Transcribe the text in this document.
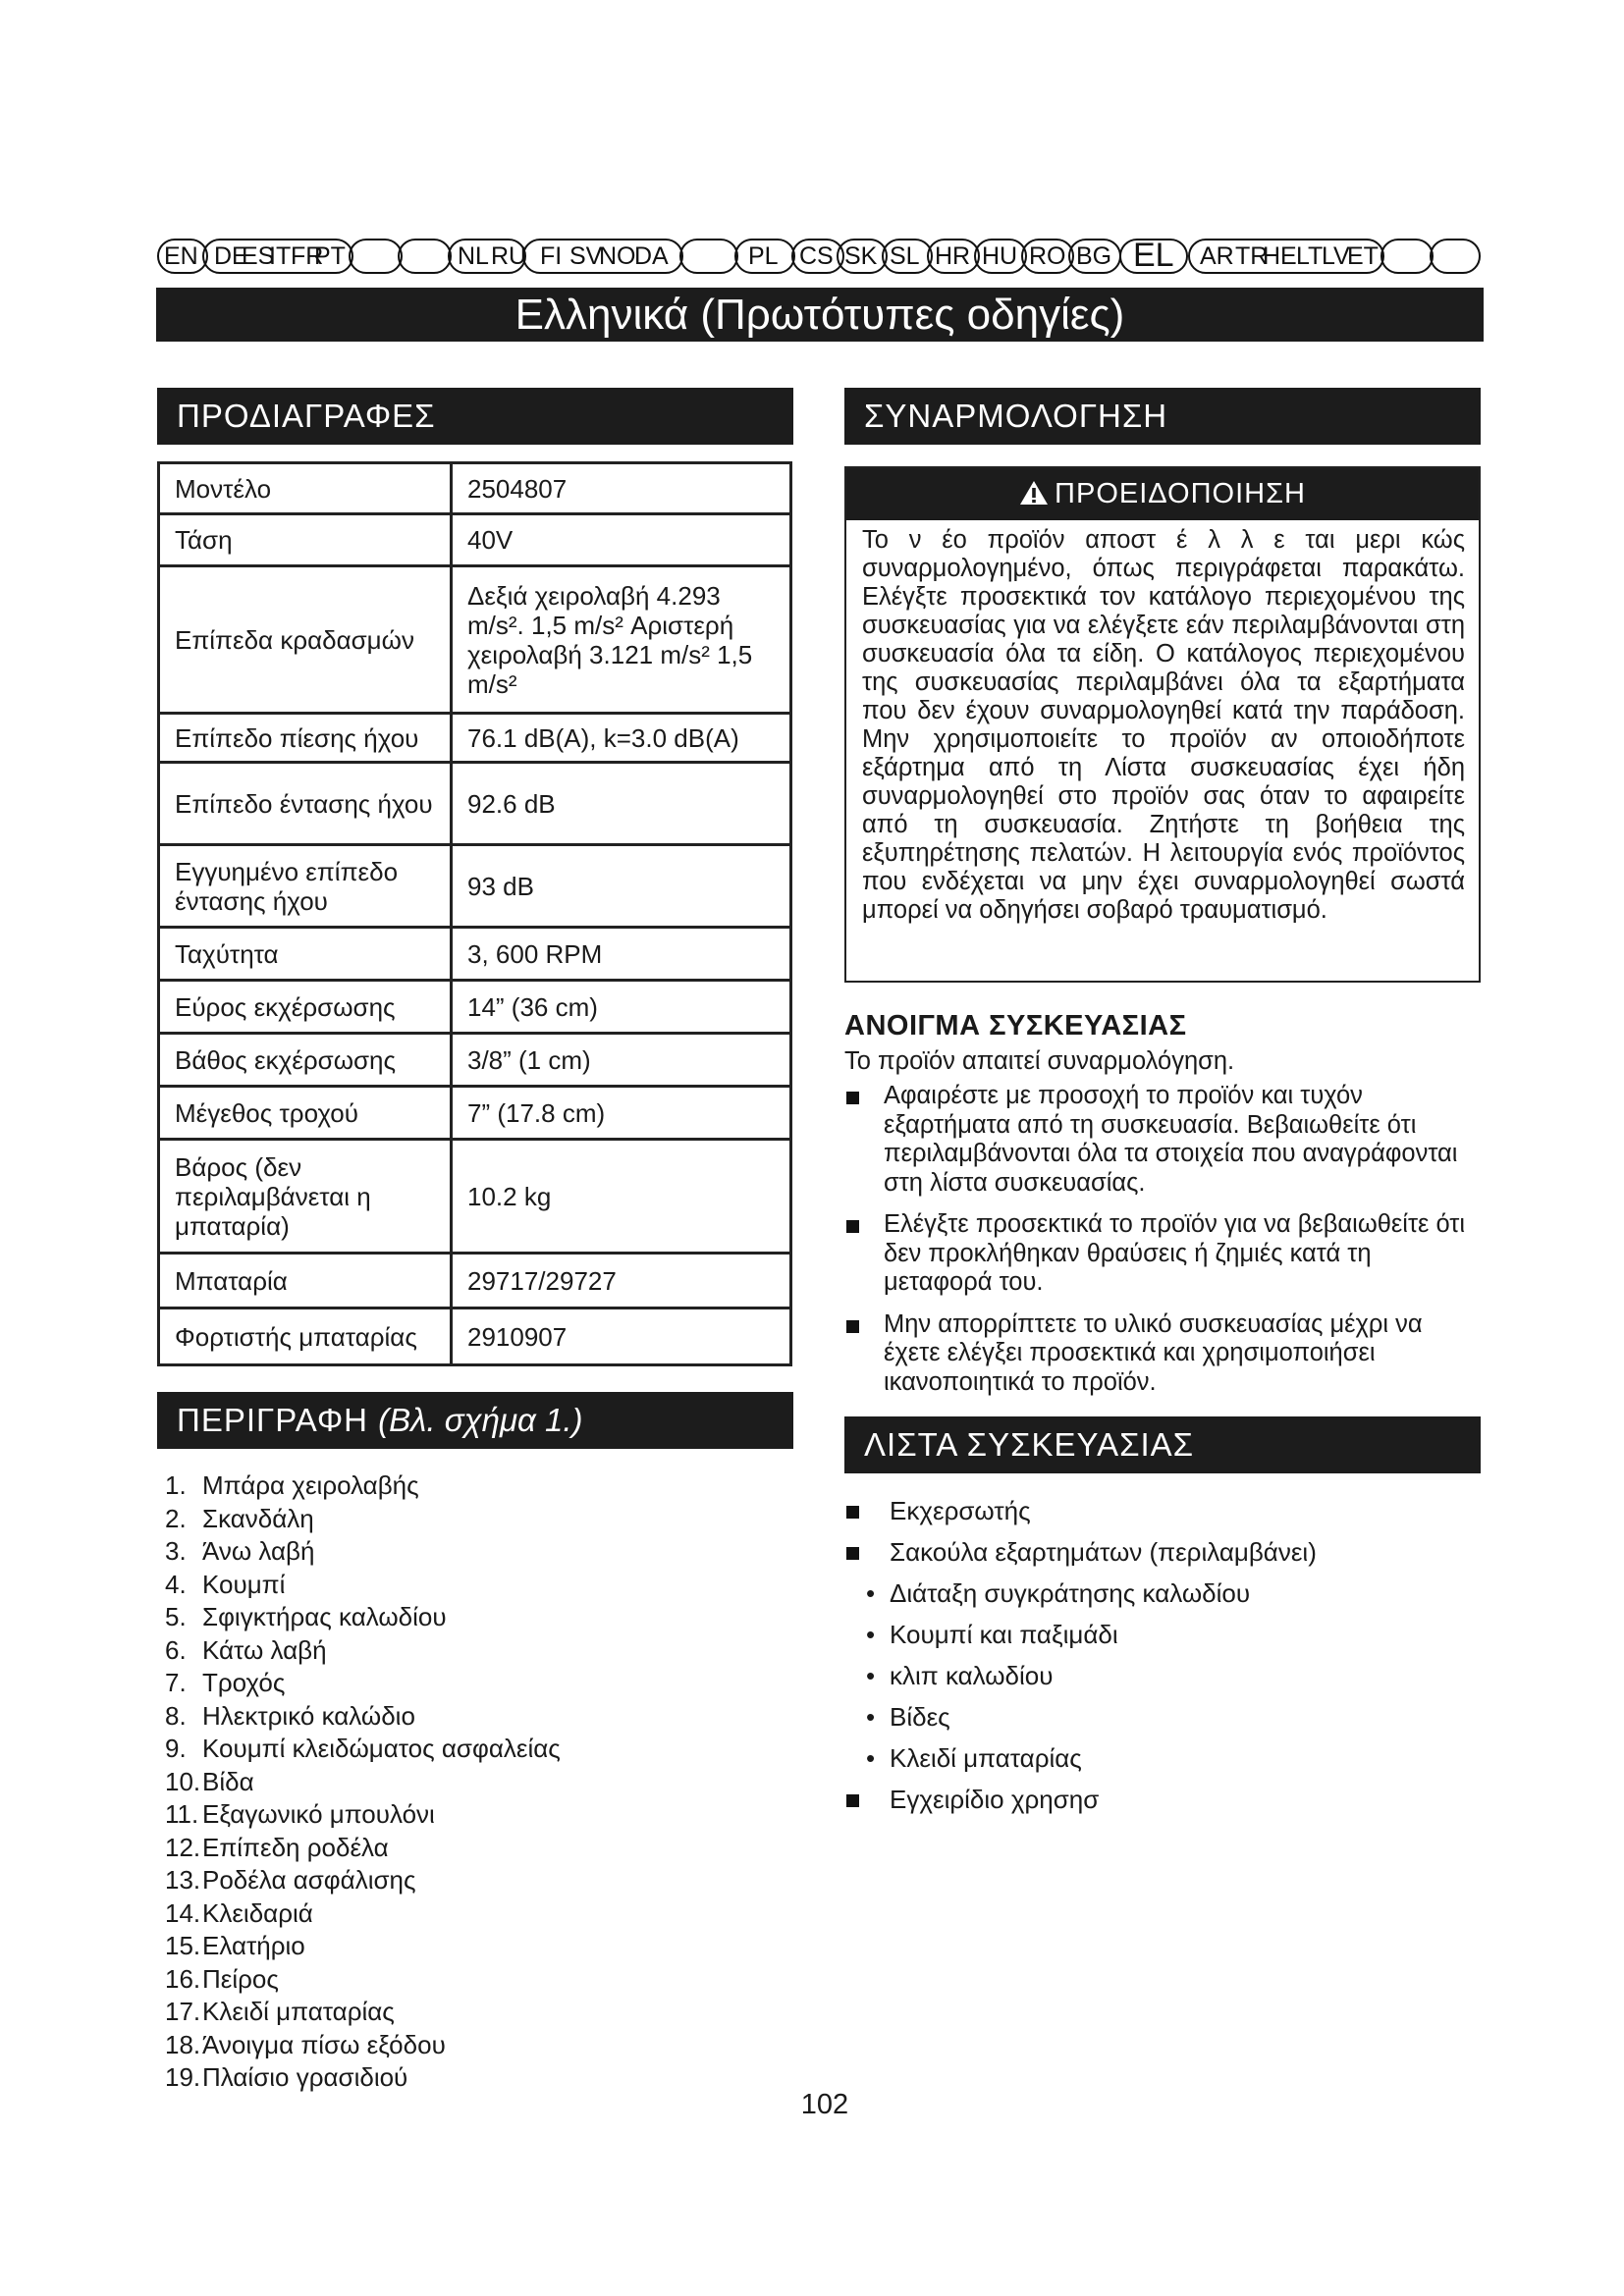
EN DE
ES
IT FR
PT	NL RU FI SV
NO
DA	PL CS SK SL HR HU RO BG EL AR TR
HE LT
LV
ET
Ελληνικά (Πρωτότυπες οδηγίες)
ΠΡΟΔΙΑΓΡΑΦΕΣ
Μοντέλο	2504807
Τάση	40V
Επίπεδα κραδασμών	Δεξιά χειρολαβή 4.293 m/s². 1,5 m/s² Αριστερή χειρολαβή 3.121 m/s² 1,5 m/s²
Επίπεδο πίεσης ήχου	76.1 dB(A), k=3.0 dB(A)
Επίπεδο έντασης ήχου	92.6 dB
Εγγυημένο επίπεδο έντασης ήχου	93 dB
Ταχύτητα	3, 600 RPM
Εύρος εκχέρσωσης	14” (36 cm)
Βάθος εκχέρσωσης	3/8” (1 cm)
Μέγεθος τροχού	7” (17.8 cm)
Βάρος (δεν περιλαμβάνεται η μπαταρία)	10.2 kg
Μπαταρία	29717/29727
Φορτιστής μπαταρίας	2910907
ΠΕΡΙΓΡΑΦΗ (Βλ. σχήμα 1.)
1. Μπάρα χειρολαβής
2. Σκανδάλη
3. Άνω λαβή
4. Κουμπί
5. Σφιγκτήρας καλωδίου
6. Κάτω λαβή
7. Τροχός
8. Ηλεκτρικό καλώδιο
9. Κουμπί κλειδώματος ασφαλείας
10.Βίδα
11. Εξαγωνικό μπουλόνι
12.Επίπεδη ροδέλα
13.Ροδέλα ασφάλισης
14.Κλειδαριά
15.Ελατήριο
16.Πείρος
17.Κλειδί μπαταρίας
18.Άνοιγμα πίσω εξόδου
19.Πλαίσιο γρασιδιού
ΣΥΝΑΡΜΟΛΟΓΗΣΗ
ΠΡΟΕΙΔΟΠΟΙΗΣΗ
Το ν έο προϊόν αποστ έ λ λ ε ται μερι κώς συναρμολογημένο, όπως περιγράφεται παρακάτω. Ελέγξτε προσεκτικά τον κατάλογο περιεχομένου της συσκευασίας για να ελέγξετε εάν περιλαμβάνονται στη συσκευασία όλα τα είδη. Ο κατάλογος περιεχομένου της συσκευασίας περιλαμβάνει όλα τα εξαρτήματα που δεν έχουν συναρμολογηθεί κατά την παράδοση. Μην χρησιμοποιείτε το προϊόν αν οποιοδήποτε εξάρτημα από τη Λίστα συσκευασίας έχει ήδη συναρμολογηθεί στο προϊόν σας όταν το αφαιρείτε από τη συσκευασία. Ζητήστε τη βοήθεια της εξυπηρέτησης πελατών. Η λειτουργία ενός προϊόντος που ενδέχεται να μην έχει συναρμολογηθεί σωστά μπορεί να οδηγήσει σοβαρό τραυματισμό.
ΑΝΟΙΓΜΑ ΣΥΣΚΕΥΑΣΙΑΣ
Το προϊόν απαιτεί συναρμολόγηση.
Αφαιρέστε με προσοχή το προϊόν και τυχόν εξαρτήματα από τη συσκευασία. Βεβαιωθείτε ότι περιλαμβάνονται όλα τα στοιχεία που αναγράφονται στη λίστα συσκευασίας.
Ελέγξτε προσεκτικά το προϊόν για να βεβαιωθείτε ότι δεν προκλήθηκαν θραύσεις ή ζημιές κατά τη μεταφορά του.
Μην απορρίπτετε το υλικό συσκευασίας μέχρι να έχετε ελέγξει προσεκτικά και χρησιμοποιήσει ικανοποιητικά το προϊόν.
ΛΙΣΤΑ ΣΥΣΚΕΥΑΣΙΑΣ
Εκχερσωτής
Σακούλα εξαρτημάτων (περιλαμβάνει)
• Διάταξη συγκράτησης καλωδίου
• Κουμπί και παξιμάδι
• κλιπ καλωδίου
• Βίδες
• Κλειδί μπαταρίας
Εγχειρίδιο χρησησ
102
